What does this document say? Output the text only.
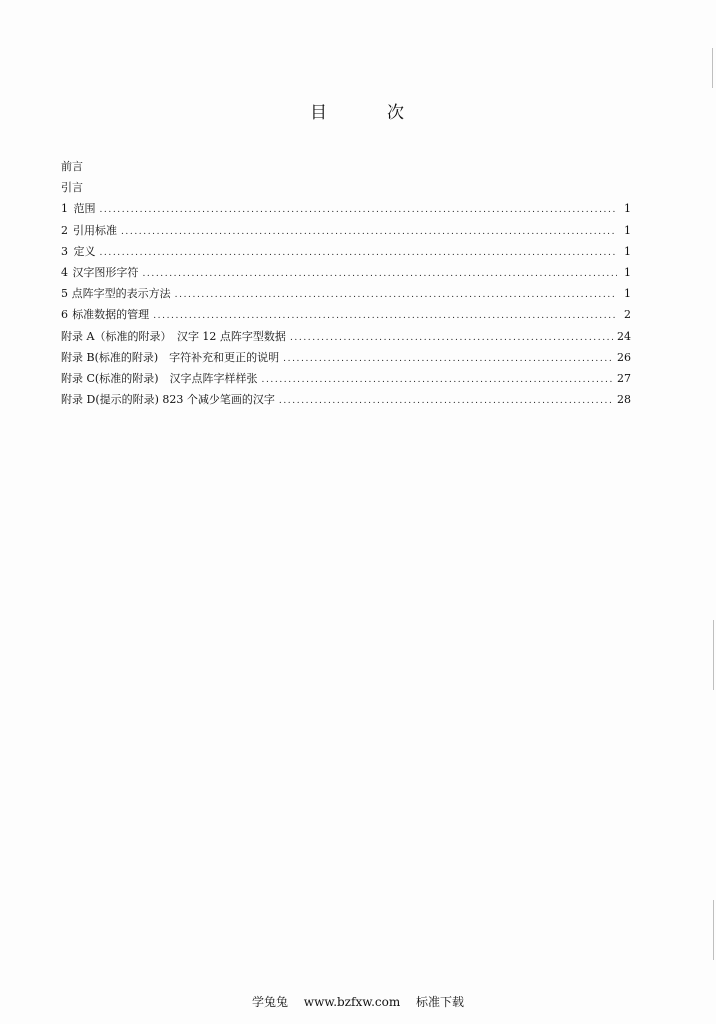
目	次
前言
引言
1 范围 .....	1
2 引用标准 .....	1
3 定义 .....	1
4 汉字图形字符 .....	1
5 点阵字型的表示方法 .....	1
6 标准数据的管理 .....	2
附录 A（标准的附录）　汉字 12 点阵字型数据 .....	24
附录 B(标准的附录)　字符补充和更正的说明 .....	26
附录 C(标准的附录)　汉字点阵字样样张 .....	27
附录 D(提示的附录) 823 个减少笔画的汉字 .....	28
学兔兔 www.bzfxw.com 标准下载
